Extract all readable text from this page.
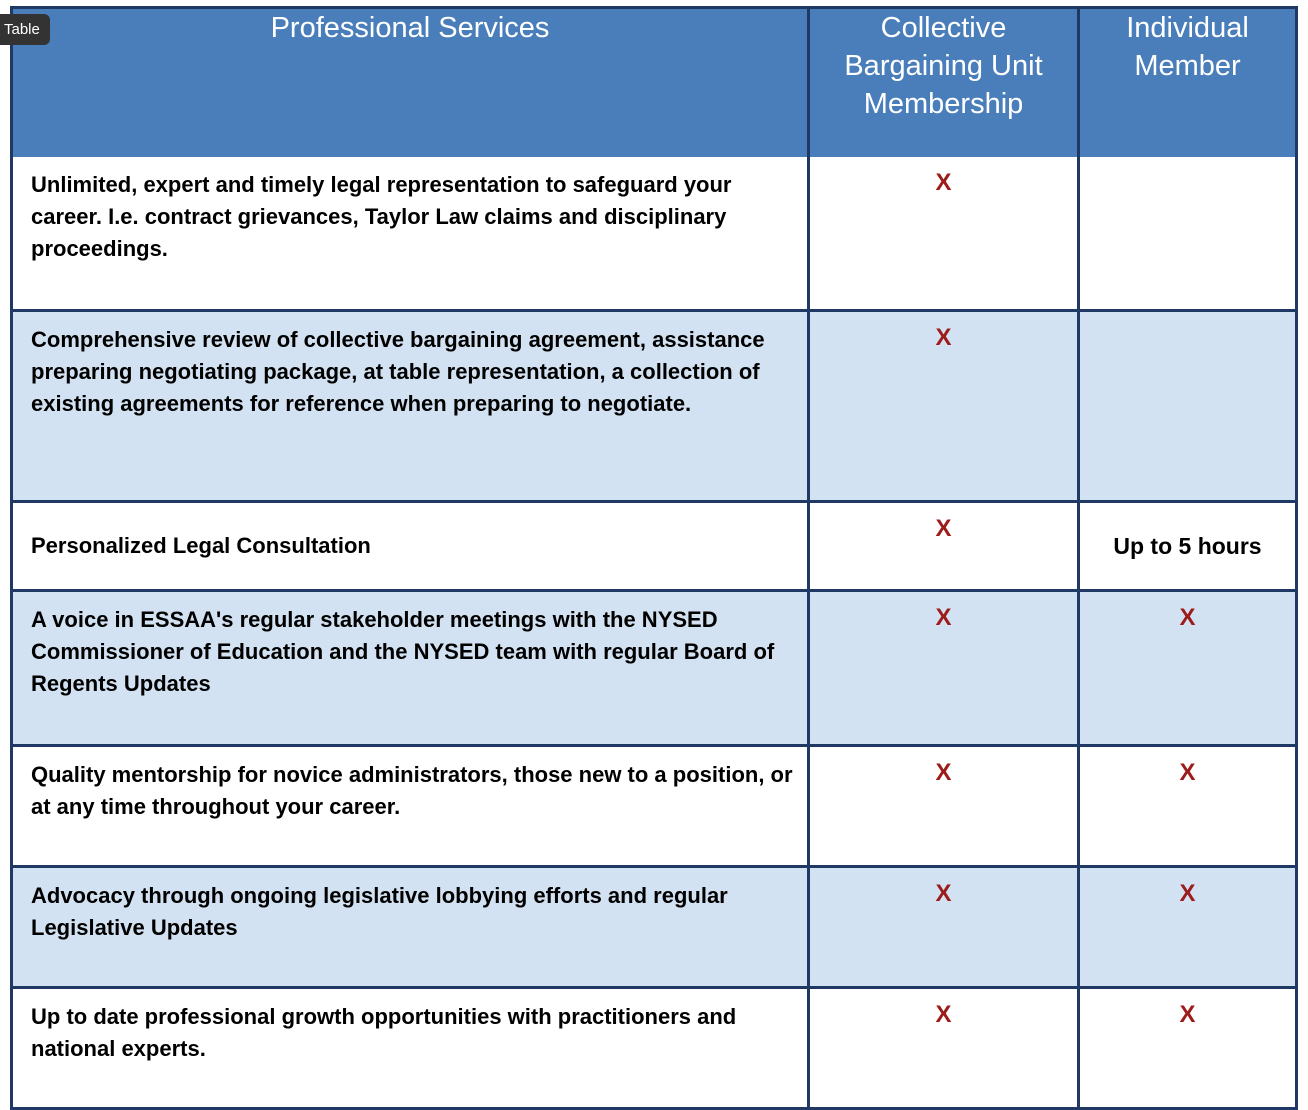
Table	Professional Services	Collective Bargaining Unit Membership	Individual Member
Unlimited, expert and timely legal representation to safeguard your career. I.e. contract grievances, Taylor Law claims and disciplinary proceedings.	X	
Comprehensive review of collective bargaining agreement, assistance preparing negotiating package, at table representation, a collection of existing agreements for reference when preparing to negotiate.	X	
Personalized Legal Consultation	X	Up to 5 hours
A voice in ESSAA's regular stakeholder meetings with the NYSED Commissioner of Education and the NYSED team with regular Board of Regents Updates	X	X
Quality mentorship for novice administrators, those new to a position, or at any time throughout your career.	X	X
Advocacy through ongoing legislative lobbying efforts and regular Legislative Updates	X	X
Up to date professional growth opportunities with practitioners and national experts.	X	X
